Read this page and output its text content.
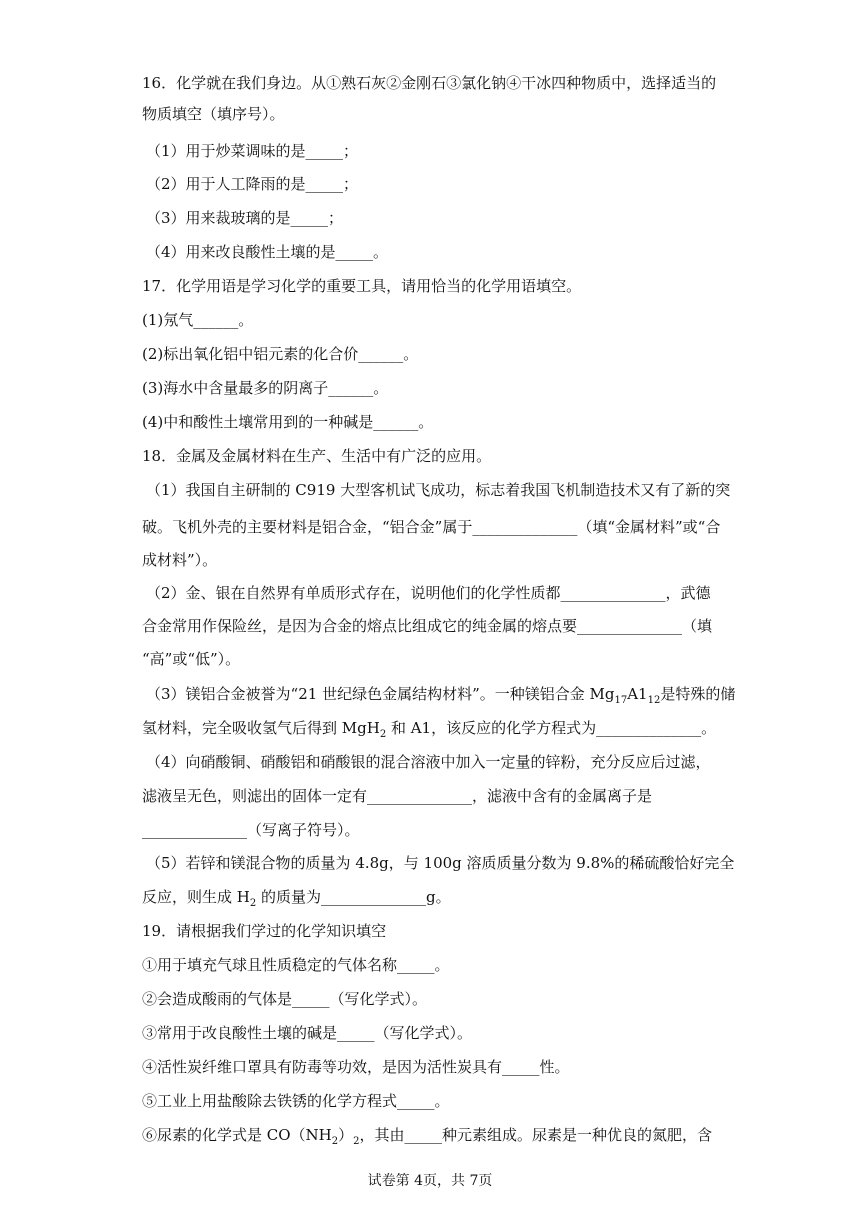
16．化学就在我们身边。从①熟石灰②金刚石③氯化钠④干冰四种物质中，选择适当的
物质填空（填序号）。
（1）用于炒菜调味的是_____；
（2）用于人工降雨的是_____；
（3）用来裁玻璃的是_____；
（4）用来改良酸性土壤的是_____。
17．化学用语是学习化学的重要工具，请用恰当的化学用语填空。
(1)氖气______。
(2)标出氧化铝中铝元素的化合价______。
(3)海水中含量最多的阴离子______。
(4)中和酸性土壤常用到的一种碱是______。
18．金属及金属材料在生产、生活中有广泛的应用。
（1）我国自主研制的 C919 大型客机试飞成功，标志着我国飞机制造技术又有了新的突
破。飞机外壳的主要材料是铝合金，“铝合金”属于______________（填“金属材料”或“合
成材料”）。
（2）金、银在自然界有单质形式存在，说明他们的化学性质都______________，武德
合金常用作保险丝，是因为合金的熔点比组成它的纯金属的熔点要______________（填
“高”或“低”）。
（3）镁铝合金被誉为“21 世纪绿色金属结构材料”。一种镁铝合金 $Mg_{17}A1_{12}$是特殊的储
氢材料，完全吸收氢气后得到 MgH$_2$ 和 A1，该反应的化学方程式为______________。
（4）向硝酸铜、硝酸铝和硝酸银的混合溶液中加入一定量的锌粉，充分反应后过滤，
滤液呈无色，则滤出的固体一定有______________，滤液中含有的金属离子是
______________（写离子符号）。
（5）若锌和镁混合物的质量为 4.8g，与 100g 溶质质量分数为 9.8%的稀硫酸恰好完全
反应，则生成 $H_2$ 的质量为______________g。
19．请根据我们学过的化学知识填空
①用于填充气球且性质稳定的气体名称_____。
②会造成酸雨的气体是_____（写化学式）。
③常用于改良酸性土壤的碱是_____（写化学式）。
④活性炭纤维口罩具有防毒等功效，是因为活性炭具有_____性。
⑤工业上用盐酸除去铁锈的化学方程式_____。
⑥尿素的化学式是 $CO(NH_2)_2$，其由_____种元素组成。尿素是一种优良的氮肥，含
试卷第 4页，共 7页
